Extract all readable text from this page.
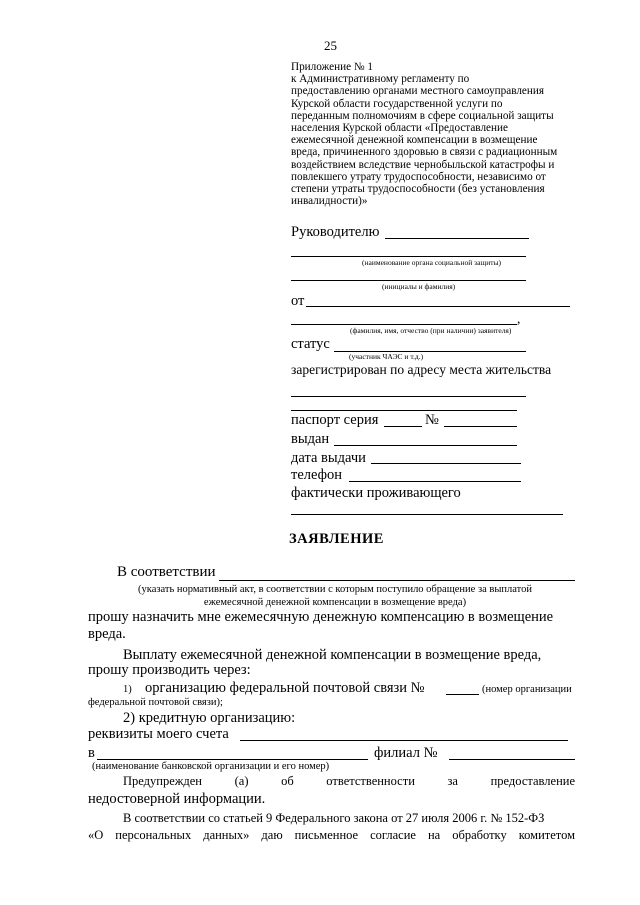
25
Приложение № 1
к Административному регламенту по
предоставлению органами местного самоуправления
Курской области государственной услуги по
переданным полномочиям в сфере социальной защиты
населения Курской области «Предоставление
ежемесячной денежной компенсации в возмещение
вреда, причиненного здоровью в связи с радиационным
воздействием вследствие чернобыльской катастрофы и
повлекшего утрату трудоспособности, независимо от
степени утраты трудоспособности (без установления
инвалидности)»
Руководителю
(наименование органа социальной защиты)
(инициалы и фамилия)
от
,
(фамилия, имя, отчество (при наличии) заявителя)
статус
(участник ЧАЭС и т.д.)
зарегистрирован по адресу места жительства
паспорт серия	№
выдан
дата выдачи
телефон
фактически проживающего
ЗАЯВЛЕНИЕ
В соответствии
(указать нормативный акт, в соответствии с которым поступило обращение за выплатой
ежемесячной денежной компенсации в возмещение вреда)
прошу назначить мне ежемесячную денежную компенсацию в возмещение
вреда.
Выплату ежемесячной денежной компенсации в возмещение вреда,
прошу производить через:
1) организацию федеральной почтовой связи №	(номер организации
федеральной почтовой связи);
2) кредитную организацию:
реквизиты моего счета
в	филиал №
(наименование банковской организации и его номер)
Предупрежден (а) об ответственности за предоставление
недостоверной информации.
В соответствии со статьей 9 Федерального закона от 27 июля 2006 г. № 152-ФЗ
«О персональных данных» даю письменное согласие на обработку комитетом
